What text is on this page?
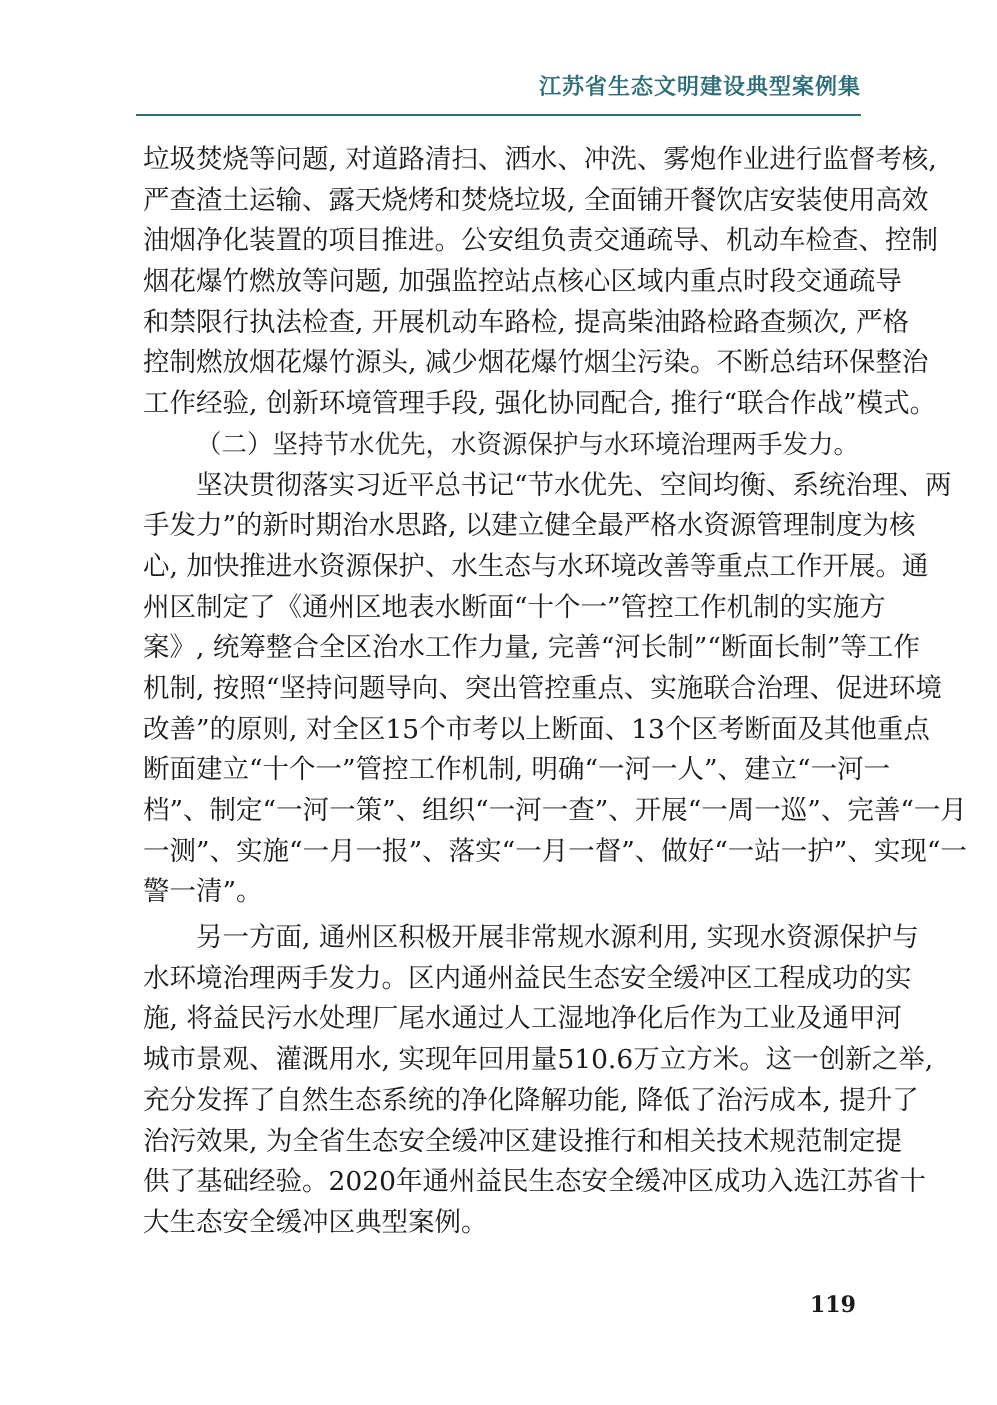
江苏省生态文明建设典型案例集
垃圾焚烧等问题, 对道路清扫、洒水、冲洗、雾炮作业进行监督考核,
严查渣土运输、露天烧烤和焚烧垃圾, 全面铺开餐饮店安装使用高效
油烟净化装置的项目推进。公安组负责交通疏导、机动车检查、控制
烟花爆竹燃放等问题, 加强监控站点核心区域内重点时段交通疏导
和禁限行执法检查, 开展机动车路检, 提高柴油路检路查频次, 严格
控制燃放烟花爆竹源头, 减少烟花爆竹烟尘污染。不断总结环保整治
工作经验, 创新环境管理手段, 强化协同配合, 推行“联合作战”模式。
（二）坚持节水优先，水资源保护与水环境治理两手发力。
坚决贯彻落实习近平总书记“节水优先、空间均衡、系统治理、两
手发力”的新时期治水思路, 以建立健全最严格水资源管理制度为核
心, 加快推进水资源保护、水生态与水环境改善等重点工作开展。通
州区制定了《通州区地表水断面“十个一”管控工作机制的实施方
案》, 统筹整合全区治水工作力量, 完善“河长制”“断面长制”等工作
机制, 按照“坚持问题导向、突出管控重点、实施联合治理、促进环境
改善”的原则, 对全区15个市考以上断面、13个区考断面及其他重点
断面建立“十个一”管控工作机制, 明确“一河一人”、建立“一河一
档”、制定“一河一策”、组织“一河一查”、开展“一周一巡”、完善“一月
一测”、实施“一月一报”、落实“一月一督”、做好“一站一护”、实现“一
警一清”。
另一方面, 通州区积极开展非常规水源利用, 实现水资源保护与
水环境治理两手发力。区内通州益民生态安全缓冲区工程成功的实
施, 将益民污水处理厂尾水通过人工湿地净化后作为工业及通甲河
城市景观、灌溉用水, 实现年回用量510.6万立方米。这一创新之举,
充分发挥了自然生态系统的净化降解功能, 降低了治污成本, 提升了
治污效果, 为全省生态安全缓冲区建设推行和相关技术规范制定提
供了基础经验。2020年通州益民生态安全缓冲区成功入选江苏省十
大生态安全缓冲区典型案例。
119
